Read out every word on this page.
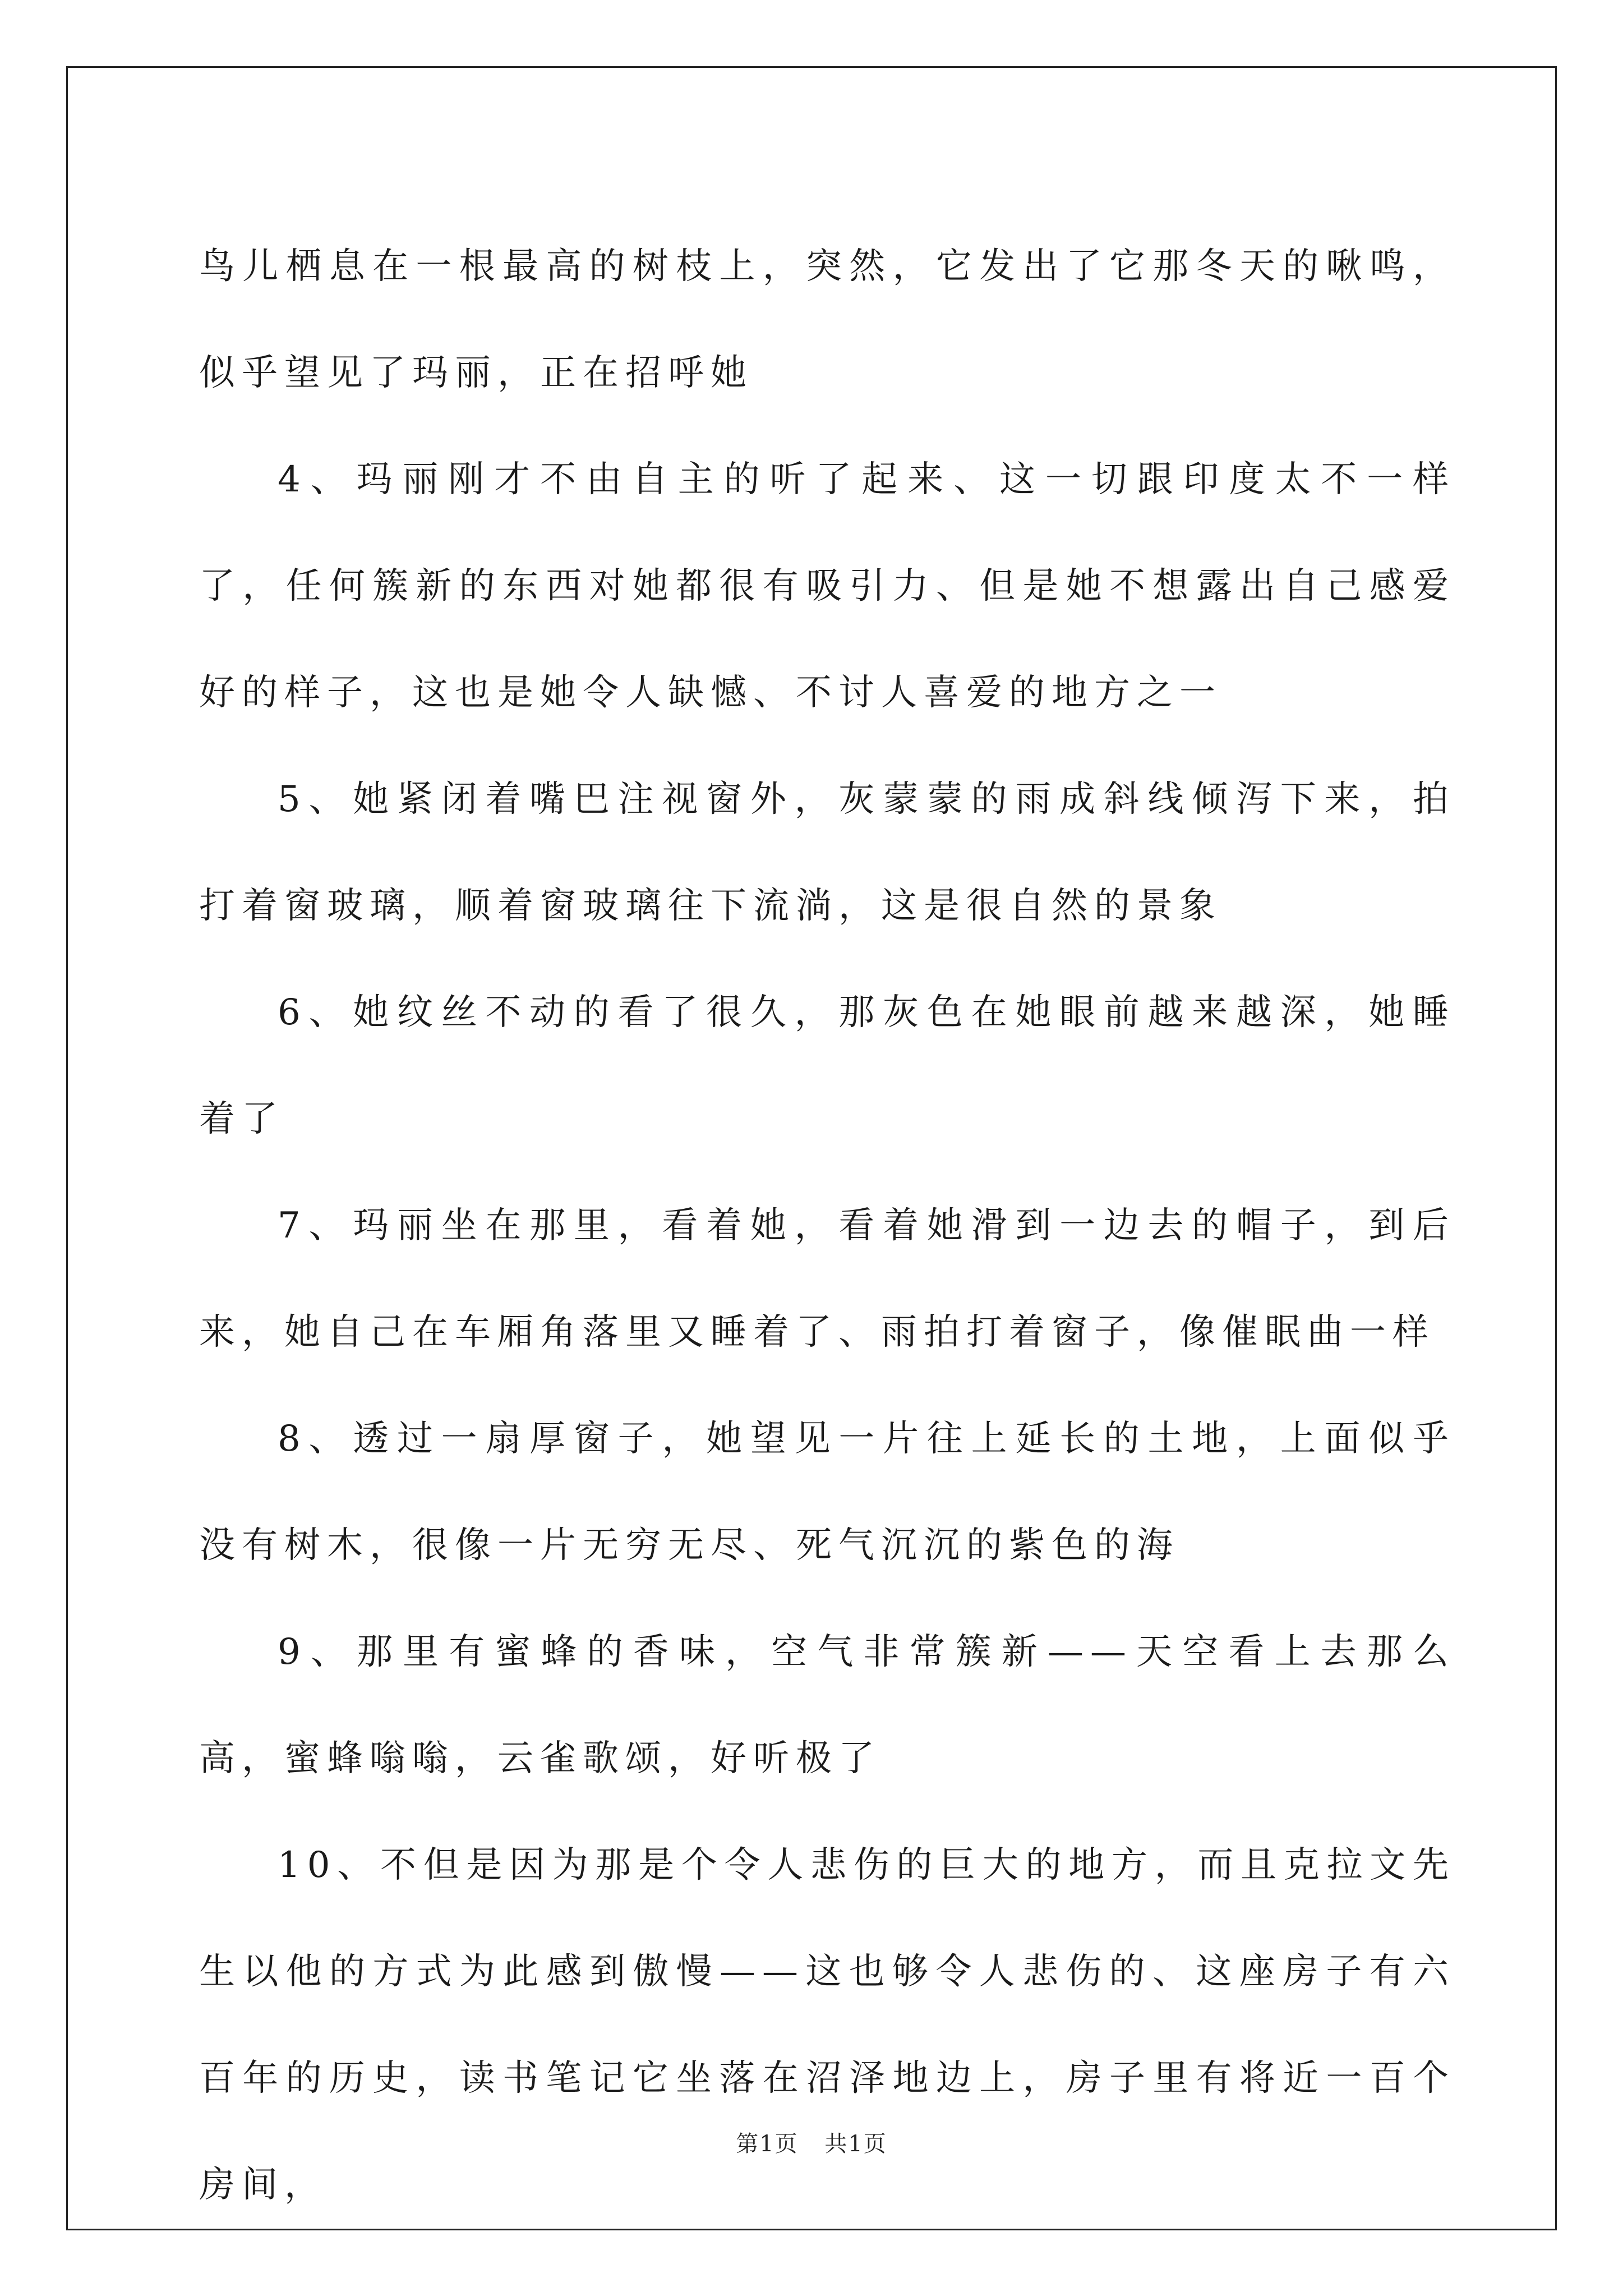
鸟儿栖息在一根最高的树枝上，突然，它发出了它那冬天的啾鸣，似乎望见了玛丽，正在招呼她

4、玛丽刚才不由自主的听了起来、这一切跟印度太不一样了，任何簇新的东西对她都很有吸引力、但是她不想露出自己感爱好的样子，这也是她令人缺憾、不讨人喜爱的地方之一

5、她紧闭着嘴巴注视窗外，灰蒙蒙的雨成斜线倾泻下来，拍打着窗玻璃，顺着窗玻璃往下流淌，这是很自然的景象

6、她纹丝不动的看了很久，那灰色在她眼前越来越深，她睡着了

7、玛丽坐在那里，看着她，看着她滑到一边去的帽子，到后来，她自己在车厢角落里又睡着了、雨拍打着窗子，像催眠曲一样

8、透过一扇厚窗子，她望见一片往上延长的土地，上面似乎没有树木，很像一片无穷无尽、死气沉沉的紫色的海

9、那里有蜜蜂的香味，空气非常簇新——天空看上去那么高，蜜蜂嗡嗡，云雀歌颂，好听极了

10、不但是因为那是个令人悲伤的巨大的地方，而且克拉文先生以他的方式为此感到傲慢——这也够令人悲伤的、这座房子有六百年的历史，读书笔记它坐落在沼泽地边上，房子里有将近一百个房间，

第1页 共1页
